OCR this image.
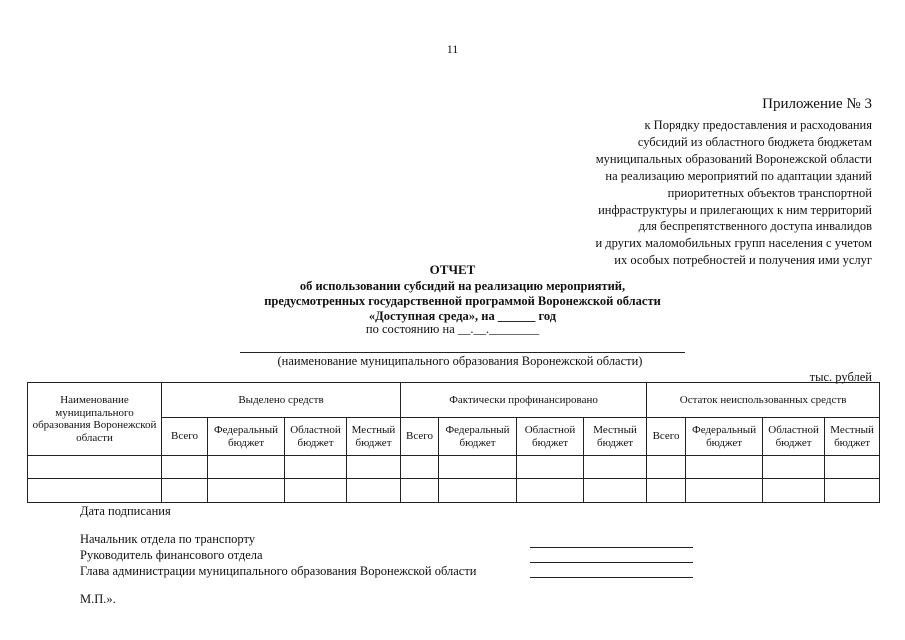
11
Приложение № 3
к Порядку предоставления и расходования
субсидий из областного бюджета бюджетам
муниципальных образований Воронежской области
на реализацию мероприятий по адаптации зданий
приоритетных объектов транспортной
инфраструктуры и прилегающих к ним территорий
для беспрепятственного доступа инвалидов
и других маломобильных групп населения с учетом
их особых потребностей и получения ими услуг
ОТЧЕТ
об использовании субсидий на реализацию мероприятий,
предусмотренных государственной программой Воронежской области
«Доступная среда», на ______ год
по состоянию на __.__.________
(наименование муниципального образования Воронежской области)
тыс. рублей
Наименование муниципального образования Воронежской области	Выделено средств				Фактически профинансировано				Остаток неиспользованных средств			
	Всего	Федеральный бюджет	Областной бюджет	Местный бюджет	Всего	Федеральный бюджет	Областной бюджет	Местный бюджет	Всего	Федеральный бюджет	Областной бюджет	Местный бюджет

Дата подписания
Начальник отдела по транспорту
Руководитель финансового отдела
Глава администрации муниципального образования Воронежской области
М.П.».
